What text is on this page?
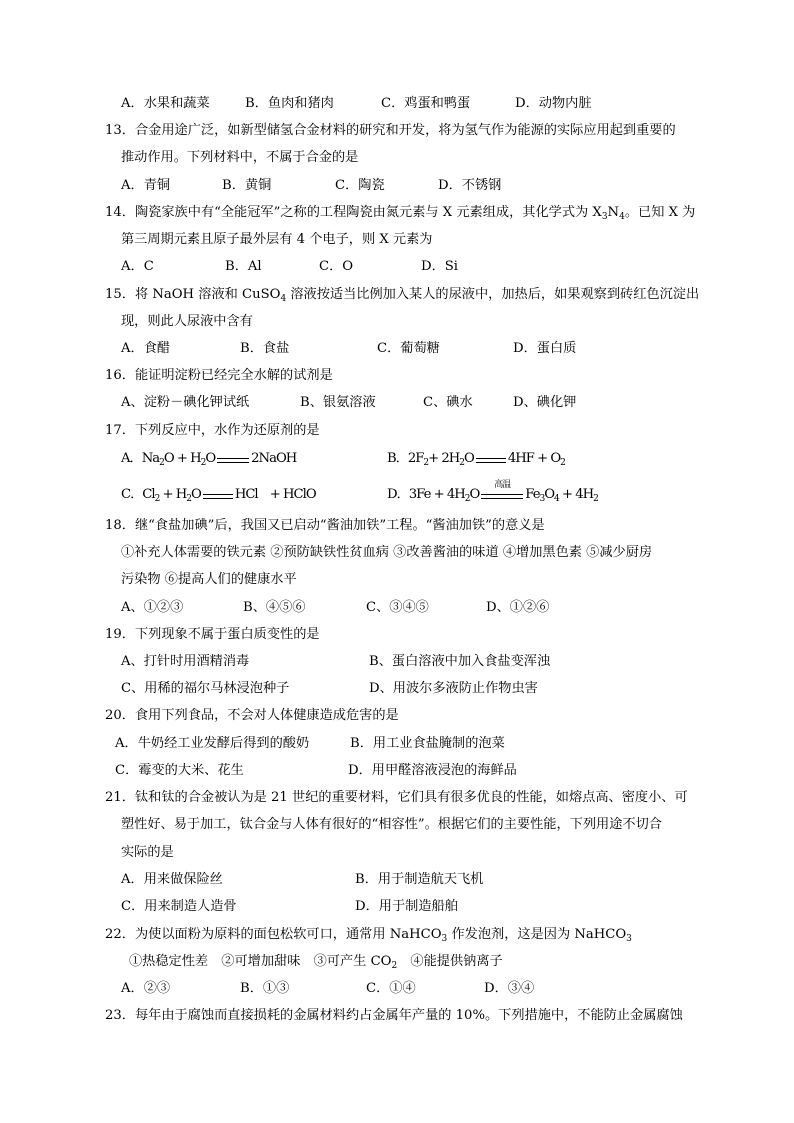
A．水果和蔬菜	B．鱼肉和猪肉	C．鸡蛋和鸭蛋	D．动物内脏
13．合金用途广泛，如新型储氢合金材料的研究和开发，将为氢气作为能源的实际应用起到重要的
推动作用。下列材料中，不属于合金的是
A．青铜	B．黄铜	C．陶瓷	D．不锈钢
14．陶瓷家族中有“全能冠军”之称的工程陶瓷由氮元素与 X 元素组成，其化学式为 $X_3N_4$。已知 X 为
第三周期元素且原子最外层有 4 个电子，则 X 元素为
A．C	B．Al	C．O	D．Si
15．将 NaOH 溶液和 CuSO$_4$ 溶液按适当比例加入某人的尿液中，加热后，如果观察到砖红色沉淀出
现，则此人尿液中含有
A．食醋	B．食盐	C．葡萄糖	D．蛋白质
16．能证明淀粉已经完全水解的试剂是
A、淀粉－碘化钾试纸	B、银氨溶液	C、碘水	D、碘化钾
17．下列反应中，水作为还原剂的是
A．$Na_2O + H_2O$	2NaOH	B．$2F_2+ 2H_2O$	$4HF + O_2$
C．$Cl_2 + H_2O$	HCl　+ HClO	D．$3Fe + 4H_2O$
高温
$Fe_3O_4 + 4H_2$
18．继“食盐加碘”后，我国又已启动“酱油加铁”工程。“酱油加铁”的意义是
①补充人体需要的铁元素 ②预防缺铁性贫血病 ③改善酱油的味道 ④增加黑色素 ⑤减少厨房
污染物 ⑥提高人们的健康水平
A、①②③	B、④⑤⑥	C、③④⑤	D、①②⑥
19．下列现象不属于蛋白质变性的是
A、打针时用酒精消毒	B、蛋白溶液中加入食盐变浑浊
C、用稀的福尔马林浸泡种子	D、用波尔多液防止作物虫害
20．食用下列食品，不会对人体健康造成危害的是
A．牛奶经工业发酵后得到的酸奶	B．用工业食盐腌制的泡菜
C．霉变的大米、花生	D．用甲醛溶液浸泡的海鲜品
21．钛和钛的合金被认为是 21 世纪的重要材料，它们具有很多优良的性能，如熔点高、密度小、可
塑性好、易于加工，钛合金与人体有很好的“相容性”。根据它们的主要性能，下列用途不切合
实际的是
A．用来做保险丝	B．用于制造航天飞机
C．用来制造人造骨	D．用于制造船舶
22．为使以面粉为原料的面包松软可口，通常用 NaHCO$_3$ 作发泡剂，这是因为 NaHCO$_3$
①热稳定性差　②可增加甜味　③可产生 $CO_2$　④能提供钠离子
A．②③	B．①③	C．①④	D．③④
23．每年由于腐蚀而直接损耗的金属材料约占金属年产量的 10%。下列措施中，不能防止金属腐蚀
